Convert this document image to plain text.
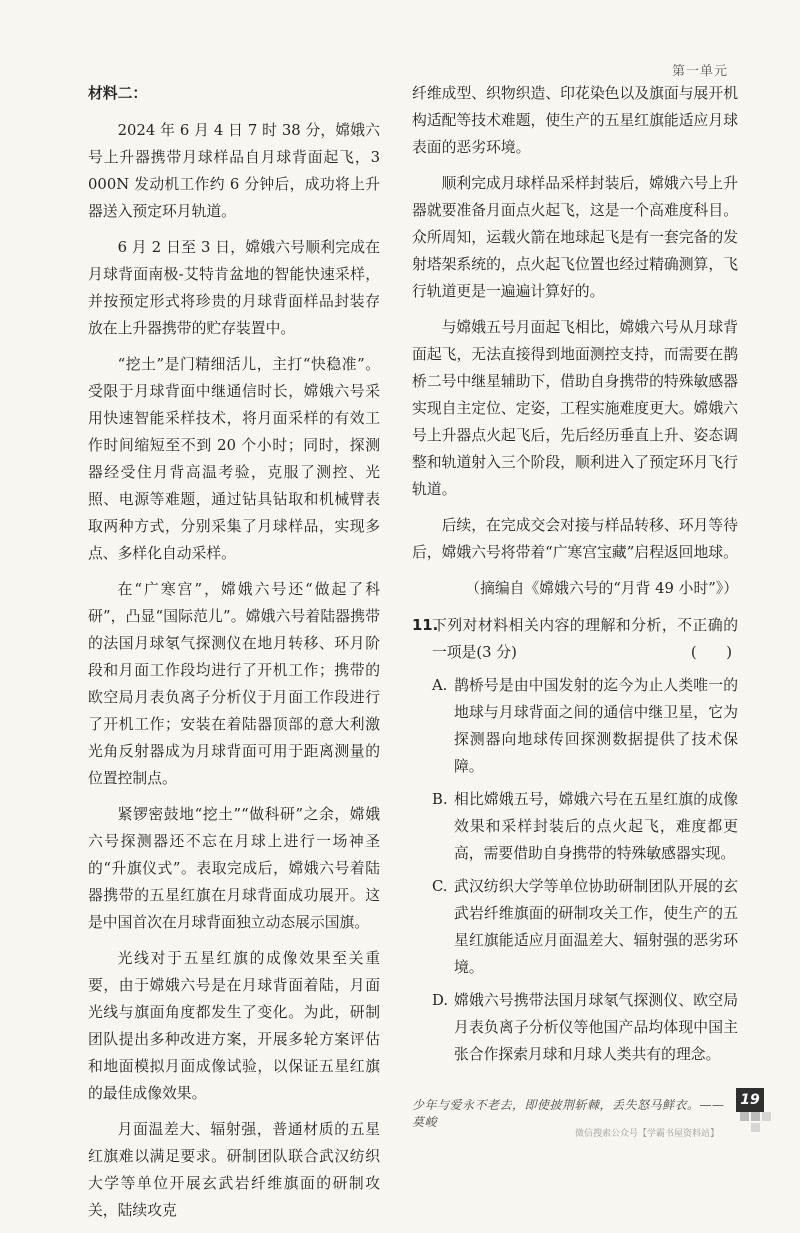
第一单元

材料二：

2024 年 6 月 4 日 7 时 38 分，嫦娥六号上升器携带月球样品自月球背面起飞，3 000N 发动机工作约 6 分钟后，成功将上升器送入预定环月轨道。

6 月 2 日至 3 日，嫦娥六号顺利完成在月球背面南极-艾特肯盆地的智能快速采样，并按预定形式将珍贵的月球背面样品封装存放在上升器携带的贮存装置中。

“挖土”是门精细活儿，主打“快稳准”。受限于月球背面中继通信时长，嫦娥六号采用快速智能采样技术，将月面采样的有效工作时间缩短至不到 20 个小时；同时，探测器经受住月背高温考验，克服了测控、光照、电源等难题，通过钻具钻取和机械臂表取两种方式，分别采集了月球样品，实现多点、多样化自动采样。

在“广寒宫”，嫦娥六号还“做起了科研”，凸显“国际范儿”。嫦娥六号着陆器携带的法国月球氡气探测仪在地月转移、环月阶段和月面工作段均进行了开机工作；携带的欧空局月表负离子分析仪于月面工作段进行了开机工作；安装在着陆器顶部的意大利激光角反射器成为月球背面可用于距离测量的位置控制点。

紧锣密鼓地“挖土”“做科研”之余，嫦娥六号探测器还不忘在月球上进行一场神圣的“升旗仪式”。表取完成后，嫦娥六号着陆器携带的五星红旗在月球背面成功展开。这是中国首次在月球背面独立动态展示国旗。

光线对于五星红旗的成像效果至关重要，由于嫦娥六号是在月球背面着陆，月面光线与旗面角度都发生了变化。为此，研制团队提出多种改进方案，开展多轮方案评估和地面模拟月面成像试验，以保证五星红旗的最佳成像效果。

月面温差大、辐射强，普通材质的五星红旗难以满足要求。研制团队联合武汉纺织大学等单位开展玄武岩纤维旗面的研制攻关，陆续攻克

纤维成型、织物织造、印花染色以及旗面与展开机构适配等技术难题，使生产的五星红旗能适应月球表面的恶劣环境。

顺利完成月球样品采样封装后，嫦娥六号上升器就要准备月面点火起飞，这是一个高难度科目。众所周知，运载火箭在地球起飞是有一套完备的发射塔架系统的，点火起飞位置也经过精确测算，飞行轨道更是一遍遍计算好的。

与嫦娥五号月面起飞相比，嫦娥六号从月球背面起飞，无法直接得到地面测控支持，而需要在鹊桥二号中继星辅助下，借助自身携带的特殊敏感器实现自主定位、定姿，工程实施难度更大。嫦娥六号上升器点火起飞后，先后经历垂直上升、姿态调整和轨道射入三个阶段，顺利进入了预定环月飞行轨道。

后续，在完成交会对接与样品转移、环月等待后，嫦娥六号将带着“广寒宫宝藏”启程返回地球。

（摘编自《嫦娥六号的“月背 49 小时”》）
11.
下列对材料相关内容的理解和分析，不正确的一项是(3 分)	(　　)
A. 鹊桥号是由中国发射的迄今为止人类唯一的地球与月球背面之间的通信中继卫星，它为探测器向地球传回探测数据提供了技术保障。
B. 相比嫦娥五号，嫦娥六号在五星红旗的成像效果和采样封装后的点火起飞，难度都更高，需要借助自身携带的特殊敏感器实现。
C. 武汉纺织大学等单位协助研制团队开展的玄武岩纤维旗面的研制攻关工作，使生产的五星红旗能适应月面温差大、辐射强的恶劣环境。
D. 嫦娥六号携带法国月球氡气探测仪、欧空局月表负离子分析仪等他国产品均体现中国主张合作探索月球和月球人类共有的理念。
少年与爱永不老去，即使披荆斩棘，丢失怒马鲜衣。——莫峻
19
微信搜索公众号【学霸书屋资料站】
